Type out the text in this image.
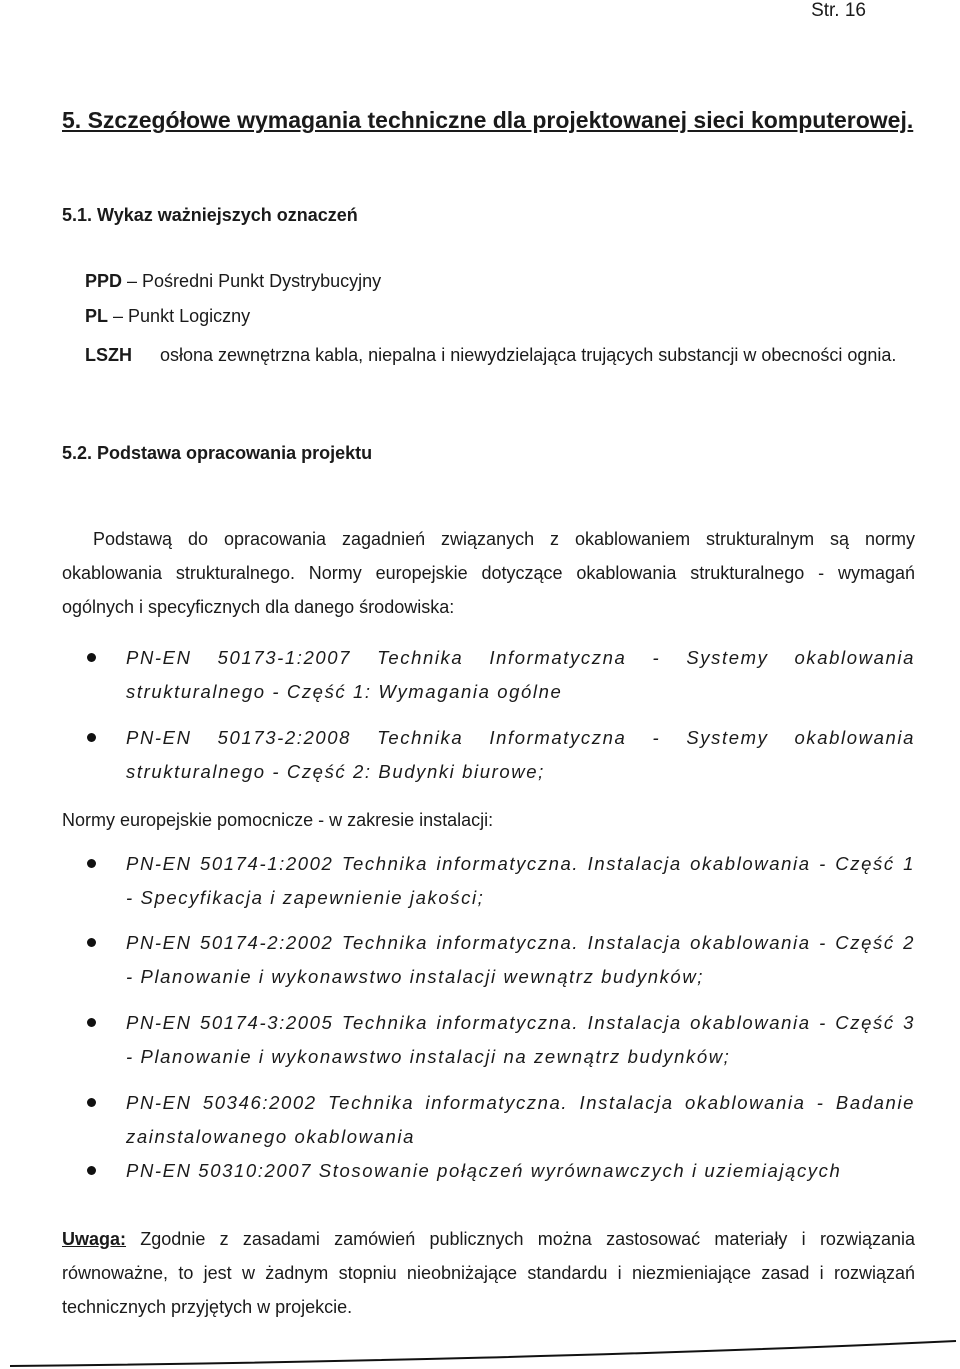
Str. 16
5. Szczegółowe wymagania techniczne dla projektowanej sieci komputerowej.
5.1. Wykaz ważniejszych oznaczeń
PPD – Pośredni Punkt Dystrybucyjny
PL – Punkt Logiczny
LSZH osłona zewnętrzna kabla, niepalna i niewydzielająca trujących substancji w obecności ognia.
5.2. Podstawa opracowania projektu
Podstawą do opracowania zagadnień związanych z okablowaniem strukturalnym są normy okablowania strukturalnego. Normy europejskie dotyczące okablowania strukturalnego - wymagań ogólnych i specyficznych dla danego środowiska:
PN-EN 50173-1:2007 Technika Informatyczna - Systemy okablowania strukturalnego - Część 1: Wymagania ogólne
PN-EN 50173-2:2008 Technika Informatyczna - Systemy okablowania strukturalnego - Część 2: Budynki biurowe;
Normy europejskie pomocnicze - w zakresie instalacji:
PN-EN 50174-1:2002 Technika informatyczna. Instalacja okablowania - Część 1 - Specyfikacja i zapewnienie jakości;
PN-EN 50174-2:2002 Technika informatyczna. Instalacja okablowania - Część 2 - Planowanie i wykonawstwo instalacji wewnątrz budynków;
PN-EN 50174-3:2005 Technika informatyczna. Instalacja okablowania - Część 3 - Planowanie i wykonawstwo instalacji na zewnątrz budynków;
PN-EN 50346:2002 Technika informatyczna. Instalacja okablowania - Badanie zainstalowanego okablowania
PN-EN 50310:2007 Stosowanie połączeń wyrównawczych i uziemiających
Uwaga: Zgodnie z zasadami zamówień publicznych można zastosować materiały i rozwiązania równoważne, to jest w żadnym stopniu nieobniżające standardu i niezmieniające zasad i rozwiązań technicznych przyjętych w projekcie.
